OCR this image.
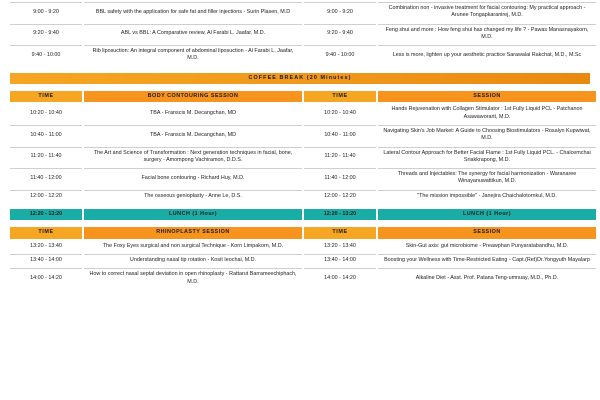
9:00 - 9:20	BBL safety with the application for safe fat and filler injections - Surin Plasen, M.D	9:00 - 9:20	Combination non - invasive treatment for facial contouring: My practical approach - Arunee Tongapkaranirej, M.D.
9:20 - 9:40	ABL vs BBL: A Comparative review, Al Farabi L. Jaafar, M.D.	9:20 - 9:40	Feng shui and more : How feng shui has changed my life ? - Pawas Manasnayakorn, M.D.
9:40 - 10:00	Rib liposuction: An integral component of abdominal liposuction - Al Farabi L. Jaafar, M.D.	9:40 - 10:00	Less is more, lighten up your aesthetic practice Sarawalai Rakchat, M.D., M.Sc
COFFEE BREAK (20 Minutes)
TIME	BODY CONTOURING SESSION	TIME	SESSION
10:20 - 10:40	TBA - Franscis M. Decangchan, MD	10:20 - 10:40	Hands Rejuvenation with Collagen Stimulator : 1st Fully Liquid PCL - Patchanon Asawaworarit, M.D.
10:40 - 11:00	TBA - Franscis M. Decangchan, MD	10:40 - 11:00	Navigating Skin's Job Market: A Guide to Choosing Biostimulators - Rosalyn Kupwiwat, M.D.
11:20 - 11:40	The Art and Science of Transformation : Next generation techniques in facial, bone, surgery - Amompong Vachiramon, D.D.S.	11:20 - 11:40	Lateral Contour Approach for Better Facial Flame : 1st Fully Liquid PCL. - Chalcemchai Sriakkrapong, M.D.
11:40 - 12:00	Facial bone contouring - Richard Huy, M.D.	11:40 - 12:00	Threads and Injectables: The synergy for facial harmonization - Waranaree Winayanuwattikun, M.D.
12:00 - 12:20	The osseous genioplasty - Anne Le, D.S.	12:00 - 12:20	"The mission impossible" - Janejira Chaichalotornkul, M.D.
12:20 - 13:20	LUNCH (1 Hour)	12:20 - 13:20	LUNCH (1 Hour)
TIME	RHINOPLASTY SESSION	TIME	SESSION
13:20 - 13:40	The Foxy Eyes surgical and non surgical Technique - Korn Limpakorn, M.D.	13:20 - 13:40	Skin-Gut axis: gut microbiome - Preawphan Punyaratabandhu, M.D.
13:40 - 14:00	Understanding nasal tip rotation - Kosit Ieochai, M.D.	13:40 - 14:00	Boosting your Wellness with Time-Restricted Eating - Capt.(Ret)Dr.Yongyuth Mayalarp
14:00 - 14:20	How to correct nasal septal deviation in open rhinoplasty - Rattarut Barrameechiphach, M.D.	14:00 - 14:20	Alkaline Diet - Asst. Prof. Patana Teng-umnuay, M.D., Ph.D.
